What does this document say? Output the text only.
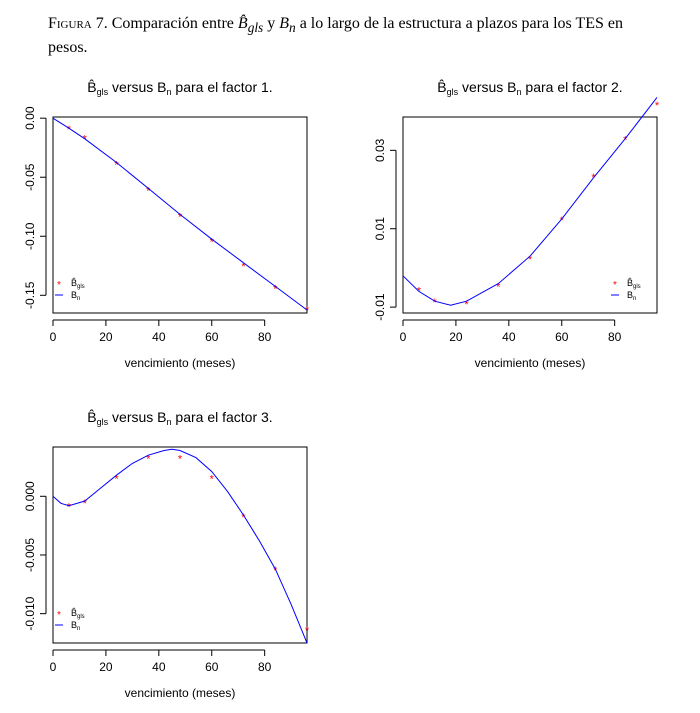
Figura 7. Comparación entre $B̂_{gls}$ y $B_n$ a lo largo de la estructura a plazos para los TES en pesos.
$B̂_{gls}$ versus $B_n$ para el factor 1.
0	20	40	60	80
vencimiento (meses)
0.00
-0.05
-0.10
-0.15
*
*
*
*
*
*
*
*
*
* $B̂_{gls}$
$B_n$
$B̂_{gls}$ versus $B_n$ para el factor 2.
0	20	40	60	80
vencimiento (meses)
-0.01
0.01
0.03
*
* *
*
*
*
*
*
*
* $B̂_{gls}$
$B_n$
$B̂_{gls}$ versus $B_n$ para el factor 3.
0	20	40	60	80
vencimiento (meses)
0.000
-0.005
-0.010
* *
*
* *
*
*
*
*
* $B̂_{gls}$
$B_n$
